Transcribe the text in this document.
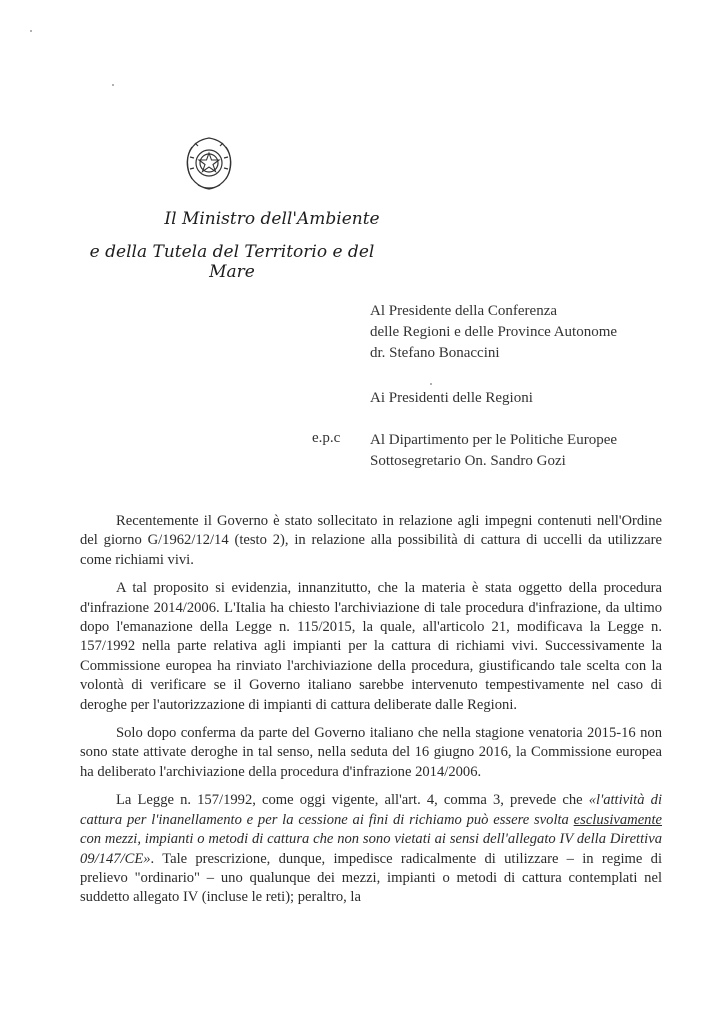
Il Ministro dell'Ambiente
e della Tutela del Territorio e del Mare
Al Presidente della Conferenza
delle Regioni e delle Province Autonome
dr. Stefano Bonaccini
Ai Presidenti delle Regioni
e.p.c Al Dipartimento per le Politiche Europee
Sottosegretario On. Sandro Gozi

Recentemente il Governo è stato sollecitato in relazione agli impegni contenuti nell'Ordine del giorno G/1962/12/14 (testo 2), in relazione alla possibilità di cattura di uccelli da utilizzare come richiami vivi.

A tal proposito si evidenzia, innanzitutto, che la materia è stata oggetto della procedura d'infrazione 2014/2006. L'Italia ha chiesto l'archiviazione di tale procedura d'infrazione, da ultimo dopo l'emanazione della Legge n. 115/2015, la quale, all'articolo 21, modificava la Legge n. 157/1992 nella parte relativa agli impianti per la cattura di richiami vivi. Successivamente la Commissione europea ha rinviato l'archiviazione della procedura, giustificando tale scelta con la volontà di verificare se il Governo italiano sarebbe intervenuto tempestivamente nel caso di deroghe per l'autorizzazione di impianti di cattura deliberate dalle Regioni.

Solo dopo conferma da parte del Governo italiano che nella stagione venatoria 2015-16 non sono state attivate deroghe in tal senso, nella seduta del 16 giugno 2016, la Commissione europea ha deliberato l'archiviazione della procedura d'infrazione 2014/2006.

La Legge n. 157/1992, come oggi vigente, all'art. 4, comma 3, prevede che «l'attività di cattura per l'inanellamento e per la cessione ai fini di richiamo può essere svolta esclusivamente con mezzi, impianti o metodi di cattura che non sono vietati ai sensi dell'allegato IV della Direttiva 09/147/CE». Tale prescrizione, dunque, impedisce radicalmente di utilizzare – in regime di prelievo "ordinario" – uno qualunque dei mezzi, impianti o metodi di cattura contemplati nel suddetto allegato IV (incluse le reti); peraltro, la
